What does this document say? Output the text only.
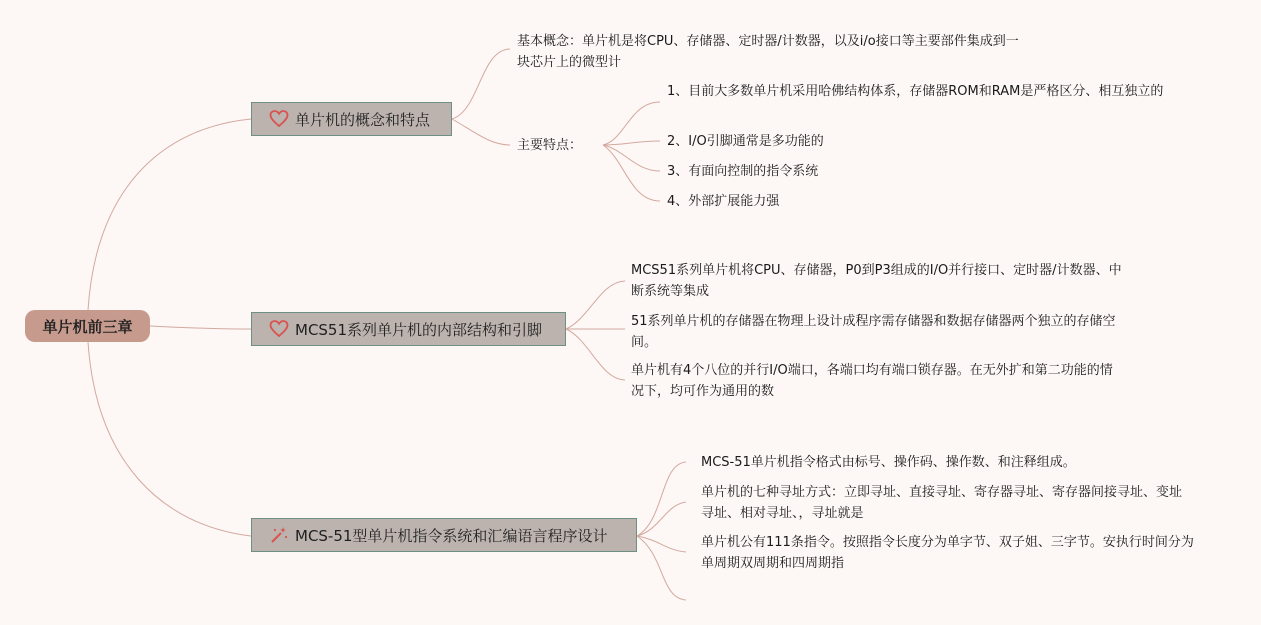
单片机前三章
单片机的概念和特点
基本概念：单片机是将CPU、存储器、定时器/计数器，以及i/o接口等主要部件集成到一块芯片上的微型计
主要特点：
1、目前大多数单片机采用哈佛结构体系，存储器ROM和RAM是严格区分、相互独立的
2、I/O引脚通常是多功能的
3、有面向控制的指令系统
4、外部扩展能力强
MCS51系列单片机的内部结构和引脚
MCS51系列单片机将CPU、存储器，P0到P3组成的I/O并行接口、定时器/计数器、中断系统等集成
51系列单片机的存储器在物理上设计成程序需存储器和数据存储器两个独立的存储空间。
单片机有4个八位的并行I/O端口，各端口均有端口锁存器。在无外扩和第二功能的情况下，均可作为通用的数
MCS-51型单片机指令系统和汇编语言程序设计
MCS-51单片机指令格式由标号、操作码、操作数、和注释组成。
单片机的七种寻址方式：立即寻址、直接寻址、寄存器寻址、寄存器间接寻址、变址寻址、相对寻址、，寻址就是
单片机公有111条指令。按照指令长度分为单字节、双子姐、三字节。安执行时间分为单周期双周期和四周期指
